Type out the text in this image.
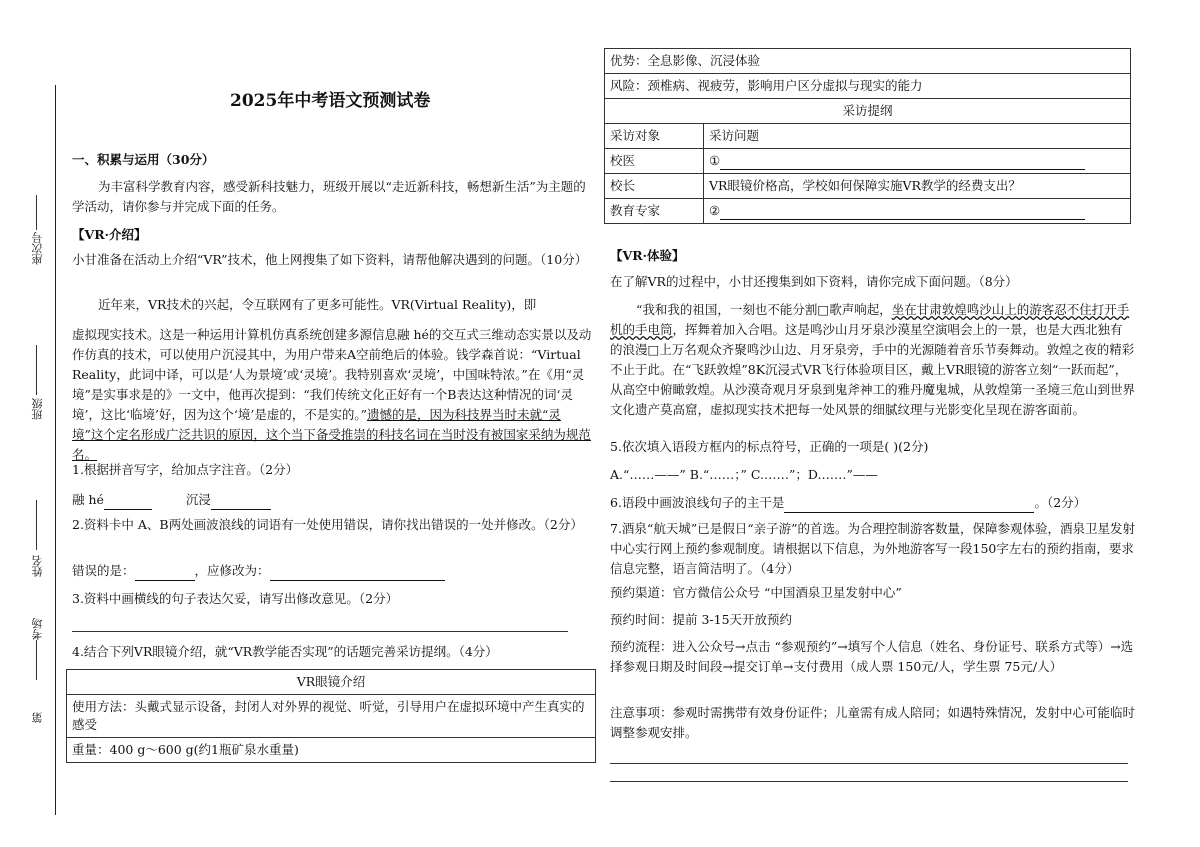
座次号
班级
姓名
考场
第
2025年中考语文预测试卷
一、积累与运用（30分）
为丰富科学教育内容，感受新科技魅力，班级开展以“走近新科技，畅想新生活”为主题的学活动，请你参与并完成下面的任务。
【VR·介绍】
小甘准备在活动上介绍“VR”技术，他上网搜集了如下资料，请帮他解决遇到的问题。（10分）
近年来，VR技术的兴起，令互联网有了更多可能性。VR(Virtual Reality)，即
虚拟现实技术。这是一种运用计算机仿真系统创建多源信息融 hé的交互式三维动态实景以及动作仿真的技术，可以使用户沉浸其中，为用户带来A空前绝后的体验。钱学森首说：“Virtual Reality，此词中译，可以是‘人为景境’或‘灵境’。我特别喜欢‘灵境’，中国味特浓。”在《用“灵境”是实事求是的》一文中，他再次提到：“我们传统文化正好有一个B表达这种情况的词‘灵境’，这比‘临境’好，因为这个‘境’是虚的，不是实的。”遗憾的是，因为科技界当时未就“灵境”这个定名形成广泛共识的原因，这个当下备受推崇的科技名词在当时没有被国家采纳为规范名。
1.根据拼音写字，给加点字注音。（2分）
融 hé	沉浸
2.资料卡中 A、B两处画波浪线的词语有一处使用错误，请你找出错误的一处并修改。（2分）
错误的是：	，应修改为：
3.资料中画横线的句子表达欠妥，请写出修改意见。（2分）
4.结合下列VR眼镜介绍，就“VR教学能否实现”的话题完善采访提纲。（4分）
VR眼镜介绍
使用方法：头戴式显示设备，封闭人对外界的视觉、听觉，引导用户在虚拟环境中产生真实的感受
重量：400 g～600 g(约1瓶矿泉水重量)
优势：全息影像、沉浸体验	
风险：颈椎病、视疲劳，影响用户区分虚拟与现实的能力	
采访提纲	
采访对象	采访问题
校医	①
校长	VR眼镜价格高，学校如何保障实施VR教学的经费支出？
教育专家	②
【VR·体验】
在了解VR的过程中，小甘还搜集到如下资料，请你完成下面问题。（8分）
“我和我的祖国，一刻也不能分割□歌声响起，坐在甘肃敦煌鸣沙山上的游客忍不住打开手机的手电筒，挥舞着加入合唱。这是鸣沙山月牙泉沙漠星空演唱会上的一景，也是大西北独有的浪漫□上万名观众齐聚鸣沙山边、月牙泉旁，手中的光源随着音乐节奏舞动。敦煌之夜的精彩不止于此。在“飞跃敦煌”8K沉浸式VR飞行体验项目区，戴上VR眼镜的游客立刻“一跃而起”，从高空中俯瞰敦煌。从沙漠奇观月牙泉到鬼斧神工的雅丹魔鬼城，从敦煌第一圣境三危山到世界文化遗产莫高窟，虚拟现实技术把每一处风景的细腻纹理与光影变化呈现在游客面前。
5.依次填入语段方框内的标点符号，正确的一项是( )(2分)
A.“……——” B.“……；” C.……”；D.……”——
6.语段中画波浪线句子的主干是	。（2分）
7.酒泉“航天城”已是假日“亲子游”的首选。为合理控制游客数量，保障参观体验，酒泉卫星发射中心实行网上预约参观制度。请根据以下信息，为外地游客写一段150字左右的预约指南，要求信息完整，语言简洁明了。（4分）
预约渠道：官方微信公众号 “中国酒泉卫星发射中心”
预约时间：提前 3-15天开放预约
预约流程：进入公众号→点击 “参观预约”→填写个人信息（姓名、身份证号、联系方式等）→选择参观日期及时间段→提交订单→支付费用（成人票 150元/人，学生票 75元/人）
注意事项：参观时需携带有效身份证件；儿童需有成人陪同；如遇特殊情况，发射中心可能临时调整参观安排。
